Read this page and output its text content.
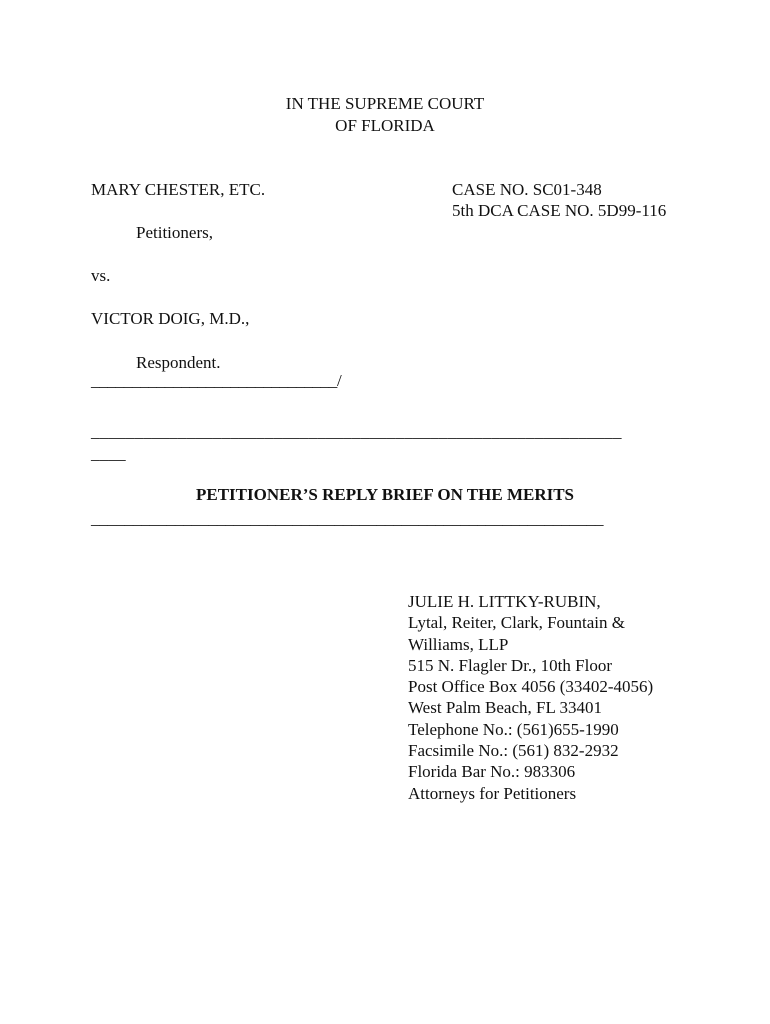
IN THE SUPREME COURT
OF FLORIDA
MARY CHESTER, ETC.
Petitioners,
vs.
VICTOR DOIG, M.D.,
Respondent.
______________________________/
CASE NO. SC01-348
5th DCA CASE NO. 5D99-116
_____________________________________________________________
____
PETITIONER’S REPLY BRIEF ON THE MERITS
_____________________________________________________________
JULIE H. LITTKY-RUBIN,
Lytal, Reiter, Clark, Fountain &
Williams, LLP
515 N. Flagler Dr., 10th Floor
Post Office Box 4056 (33402-4056)
West Palm Beach, FL 33401
Telephone No.: (561)655-1990
Facsimile No.: (561) 832-2932
Florida Bar No.: 983306
Attorneys for Petitioners
